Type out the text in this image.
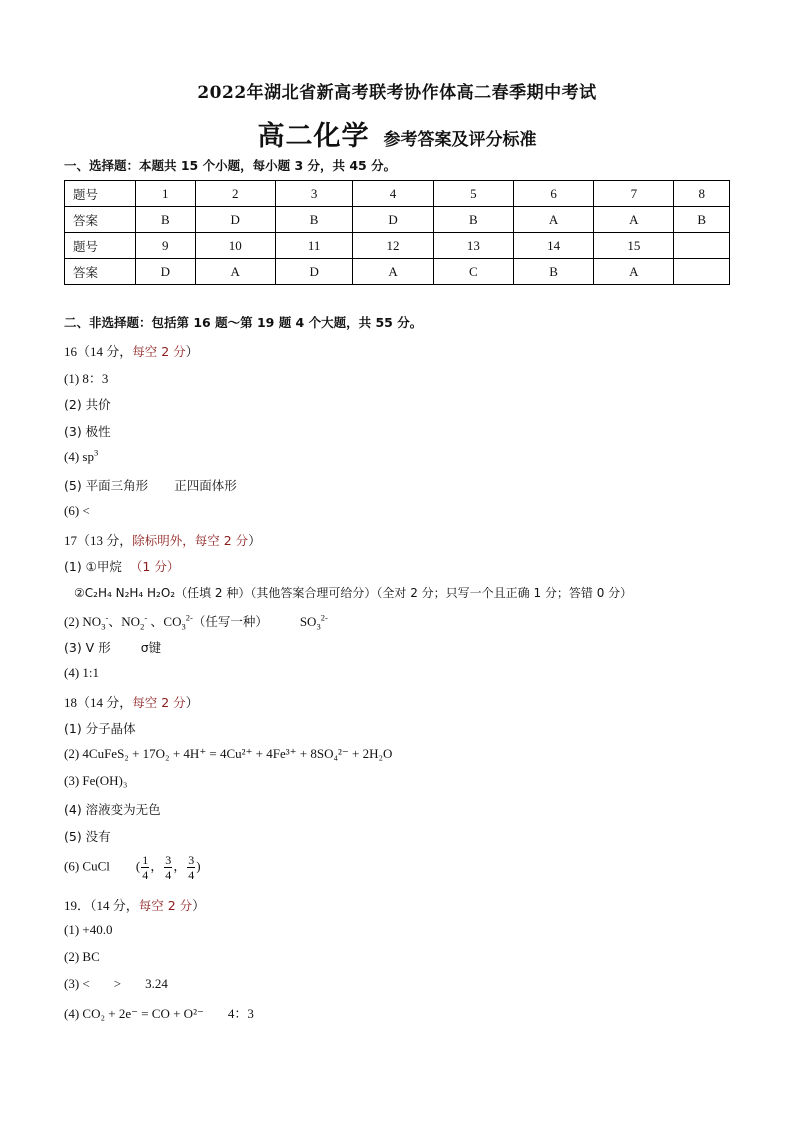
2022年湖北省新高考联考协作体高二春季期中考试
高二化学 参考答案及评分标准
一、选择题：本题共 15 个小题，每小题 3 分，共 45 分。
题号	1	2	3	4	5	6	7	8
答案	B	D	B	D	B	A	A	B
题号	9	10	11	12	13	14	15	
答案	D	A	D	A	C	B	A	
二、非选择题：包括第 16 题～第 19 题 4 个大题，共 55 分。
16（14 分，每空 2 分）
(1) 8：3
(2) 共价
(3) 极性
(4) $sp^3$
(5) 平面三角形 正四面体形
(6) <
17（13 分，除标明外，每空 2 分）
(1) ①甲烷 （1 分）
②C₂H₄ N₂H₄ H₂O₂（任填 2 种）（其他答案合理可给分）（全对 2 分；只写一个且正确 1 分；答错 0 分）
(2) $NO_3^-$、$NO_2^-$ 、$CO_3^{2-}$（任写一种） $SO_3^{2-}$
(3) V 形 σ键
(4) 1:1
18（14 分，每空 2 分）
(1) 分子晶体
(2) 4CuFeS₂ + 17O₂ + 4H⁺ = 4Cu²⁺ + 4Fe³⁺ + 8SO₄²⁻ + 2H₂O
(3) Fe(OH)₃
(4) 溶液变为无色
(5) 没有
(6) CuCl ( $\frac{1}{4}$ ， $\frac{3}{4}$ ， $\frac{3}{4}$ )
19．（14 分，每空 2 分）
(1) +40.0
(2) BC
(3) < > 3.24
(4) CO₂ + 2e⁻ = CO + O²⁻ 4：3
